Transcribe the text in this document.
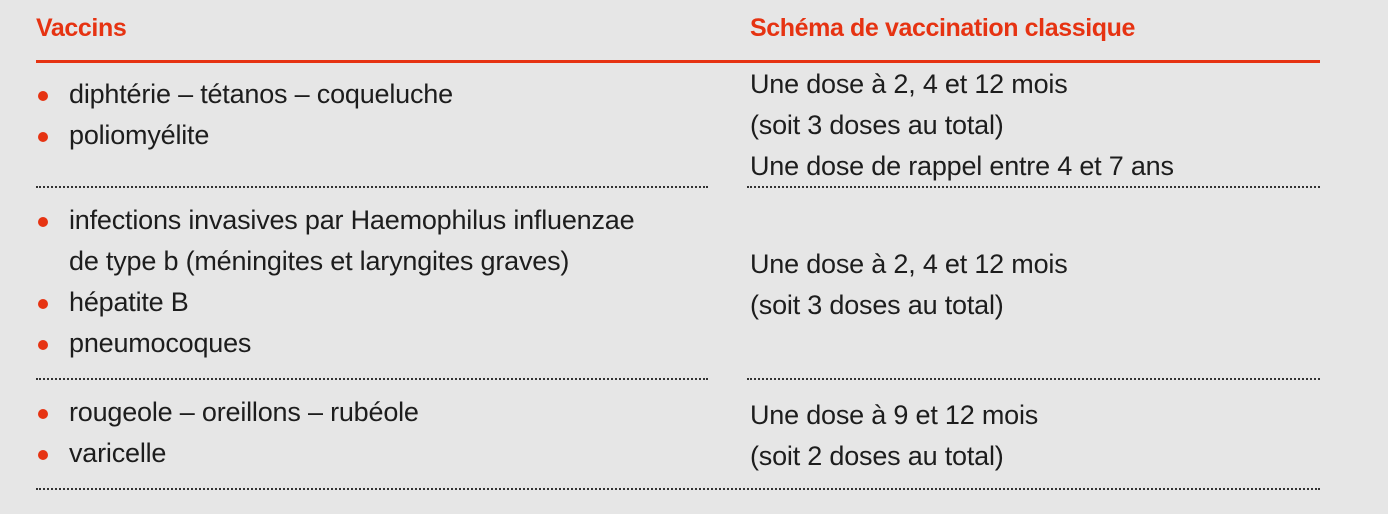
Vaccins	Schéma de vaccination classique
diphtérie – tétanos – coqueluche
poliomyélite
Une dose à 2, 4 et 12 mois
(soit 3 doses au total)
Une dose de rappel entre 4 et 7 ans
infections invasives par Haemophilus influenzae
de type b (méningites et laryngites graves)
hépatite B
pneumocoques
Une dose à 2, 4 et 12 mois
(soit 3 doses au total)
rougeole – oreillons – rubéole
varicelle
Une dose à 9 et 12 mois
(soit 2 doses au total)
